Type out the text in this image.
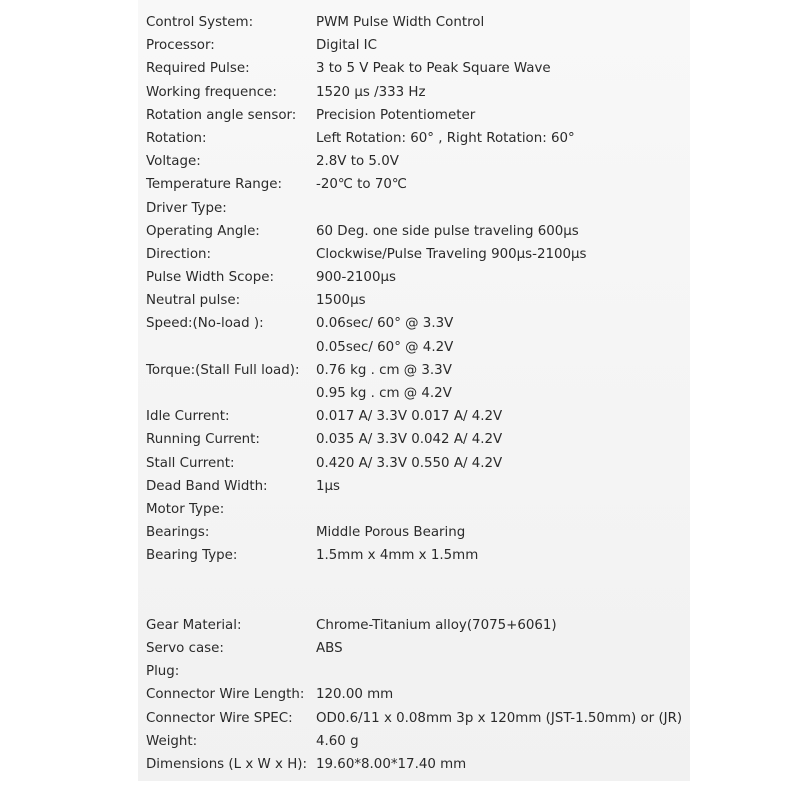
Control System:	PWM Pulse Width Control
Processor:	Digital IC
Required Pulse:	3 to 5 V Peak to Peak Square Wave
Working frequence:	1520 µs /333 Hz
Rotation angle sensor: Precision Potentiometer
Rotation:	Left Rotation: 60° , Right Rotation: 60°
Voltage:	2.8V to 5.0V
Temperature Range:	-20℃ to 70℃
Driver Type:
Operating Angle:	60 Deg. one side pulse traveling 600µs
Direction:	Clockwise/Pulse Traveling 900µs-2100µs
Pulse Width Scope:	900-2100µs
Neutral pulse:	1500µs
Speed:(No-load ):	0.06sec/ 60° @ 3.3V
0.05sec/ 60° @ 4.2V
Torque:(Stall Full load): 0.76 kg . cm @ 3.3V
0.95 kg . cm @ 4.2V
Idle Current:	0.017 A/ 3.3V 0.017 A/ 4.2V
Running Current:	0.035 A/ 3.3V 0.042 A/ 4.2V
Stall Current:	0.420 A/ 3.3V 0.550 A/ 4.2V
Dead Band Width:	1µs
Motor Type:
Bearings:	Middle Porous Bearing
Bearing Type:	1.5mm x 4mm x 1.5mm
Gear Material:	Chrome-Titanium alloy(7075+6061)
Servo case:	ABS
Plug:
Connector Wire Length: 120.00 mm
Connector Wire SPEC: OD0.6/11 x 0.08mm 3p x 120mm (JST-1.50mm) or (JR)
Weight:	4.60 g
Dimensions (L x W x H): 19.60*8.00*17.40 mm
